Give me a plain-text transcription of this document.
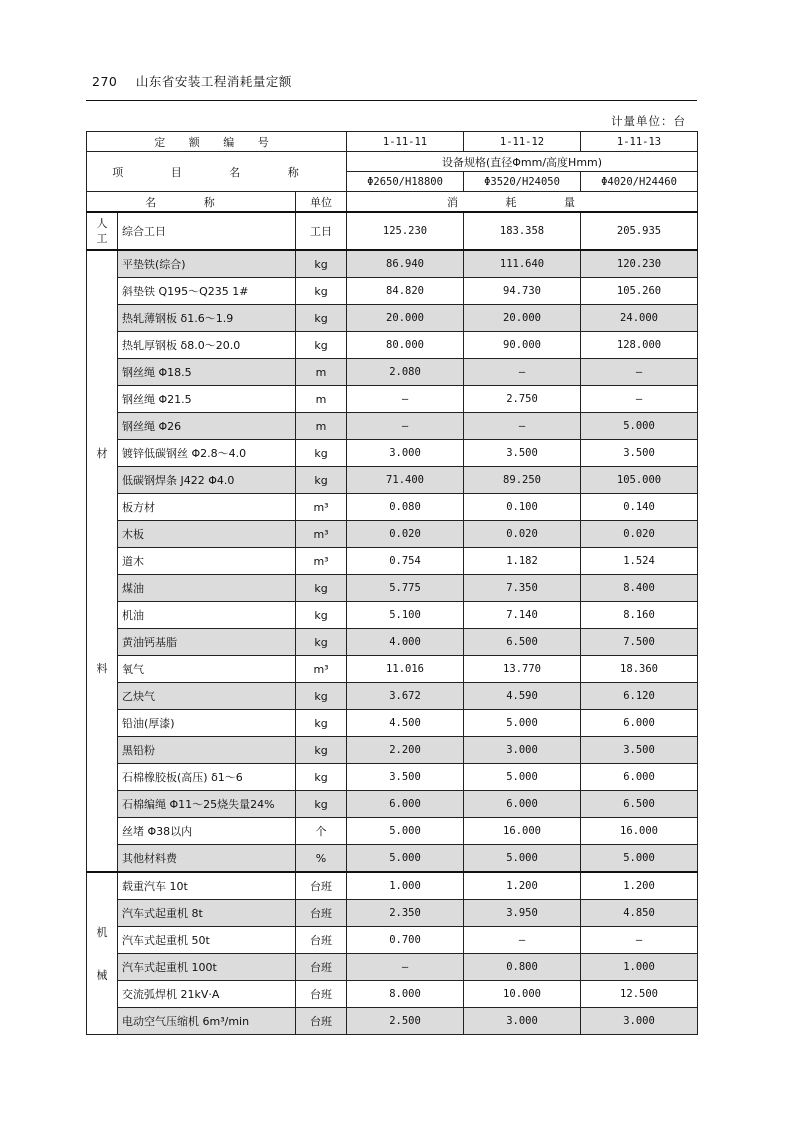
270 山东省安装工程消耗量定额
计量单位：台
定 额 编 号			1-11-11	1-11-12	1-11-13
项 目 名 称			设备规格(直径Φmm/高度Hmm)		
			Φ2650/H18800	Φ3520/H24050	Φ4020/H24460
名 称		单位	消 耗 量		

人
工	综合工日	工日	125.230	183.358	205.935

材
料	平垫铁(综合)	kg	86.940	111.640	120.230
	斜垫铁 Q195～Q235 1#	kg	84.820	94.730	105.260
	热轧薄钢板 δ1.6～1.9	kg	20.000	20.000	24.000
	热轧厚钢板 δ8.0～20.0	kg	80.000	90.000	128.000
	钢丝绳 Φ18.5	m	2.080	—	—
	钢丝绳 Φ21.5	m	—	2.750	—
	钢丝绳 Φ26	m	—	—	5.000
	镀锌低碳钢丝 Φ2.8～4.0	kg	3.000	3.500	3.500
	低碳钢焊条 J422 Φ4.0	kg	71.400	89.250	105.000
	板方材	m³	0.080	0.100	0.140
	木板	m³	0.020	0.020	0.020
	道木	m³	0.754	1.182	1.524
	煤油	kg	5.775	7.350	8.400
	机油	kg	5.100	7.140	8.160
	黄油钙基脂	kg	4.000	6.500	7.500
	氧气	m³	11.016	13.770	18.360
	乙炔气	kg	3.672	4.590	6.120
	铅油(厚漆)	kg	4.500	5.000	6.000
	黑铅粉	kg	2.200	3.000	3.500
	石棉橡胶板(高压) δ1～6	kg	3.500	5.000	6.000
	石棉编绳 Φ11～25烧失量24%	kg	6.000	6.000	6.500
	丝堵 Φ38以内	个	5.000	16.000	16.000
	其他材料费	%	5.000	5.000	5.000

机
械	载重汽车 10t	台班	1.000	1.200	1.200
	汽车式起重机 8t	台班	2.350	3.950	4.850
	汽车式起重机 50t	台班	0.700	—	—
	汽车式起重机 100t	台班	—	0.800	1.000
	交流弧焊机 21kV·A	台班	8.000	10.000	12.500
	电动空气压缩机 6m³/min	台班	2.500	3.000	3.000
